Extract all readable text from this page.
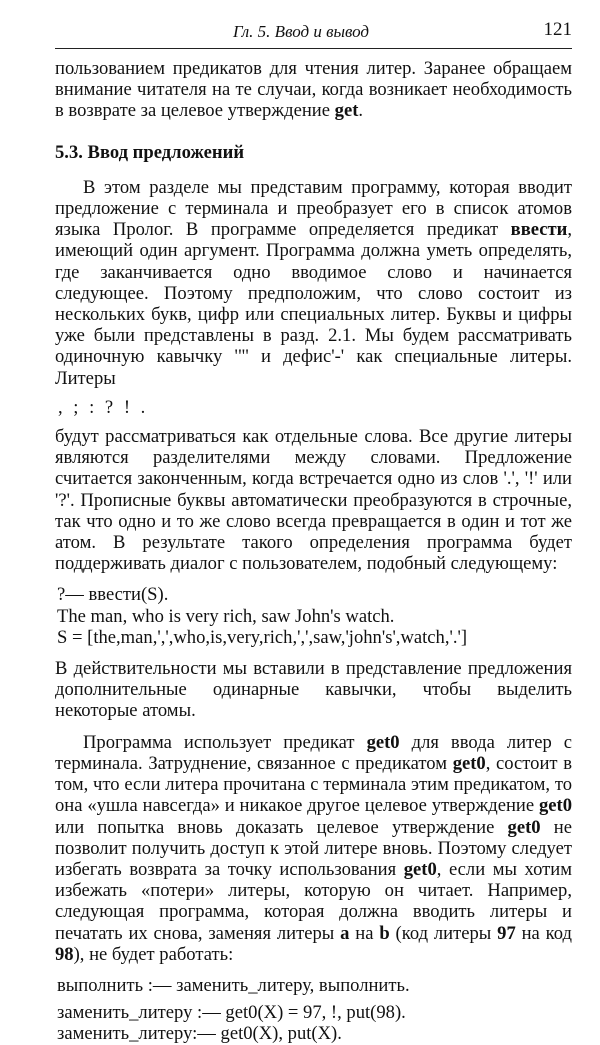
Гл. 5. Ввод и вывод	121

пользованием предикатов для чтения литер. Заранее обращаем вниманиe читателя на те случаи, когда возникает необходимость в возврате за целевое утверждение get.

5.3. Ввод предложений

В этом разделе мы представим программу, которая вводит предложение с терминала и преобразует его в список атомов языка Пролог. В программе определяется предикат ввести, имеющий один аргумент. Программа должна уметь определять, где заканчивается одно вводимое слово и начинается следующее. Поэтому предположим, что слово состоит из нескольких букв, цифр или специальных литер. Буквы и цифры уже были представлены в разд. 2.1. Мы будем рассматривать одиночную кавычку '"' и дефис'-' как специальные литеры. Литеры

, ; : ? ! .

будут рассматриваться как отдельные слова. Все другие литеры являются разделителями между словами. Предложение считается законченным, когда встречается одно из слов '.', '!' или '?'. Прописные буквы автоматически преобразуются в строчные, так что одно и то же слово всегда превращается в один и тот же атом. В результате такого определения программа будет поддерживать диалог с пользователем, подобный следующему:

?— ввести(S).
The man, who is very rich, saw John's watch.
S = [the,man,',',who,is,very,rich,',',saw,'john's',watch,'.']

В действительности мы вставили в представление предложения дополнительные одинарные кавычки, чтобы выделить некоторые атомы.

Программа использует предикат get0 для ввода литер с терминала. Затруднение, связанное с предикатом get0, состоит в том, что если литера прочитана с терминала этим предикатом, то она «ушла навсегда» и никакое другое целевое утверждение get0 или попытка вновь доказать целевое утверждение get0 не позволит получить доступ к этой литере вновь. Поэтому следует избегать возврата за точку использования get0, если мы хотим избежать «потери» литеры, которую он читает. Например, следующая программа, которая должна вводить литеры и печатать их снова, заменяя литеры a на b (код литеры 97 на код 98), не будет работать:

выполнить :— заменить_литеру, выполнить.
заменить_литеру :— get0(X) = 97, !, put(98).
заменить_литеру:— get0(X), put(X).
